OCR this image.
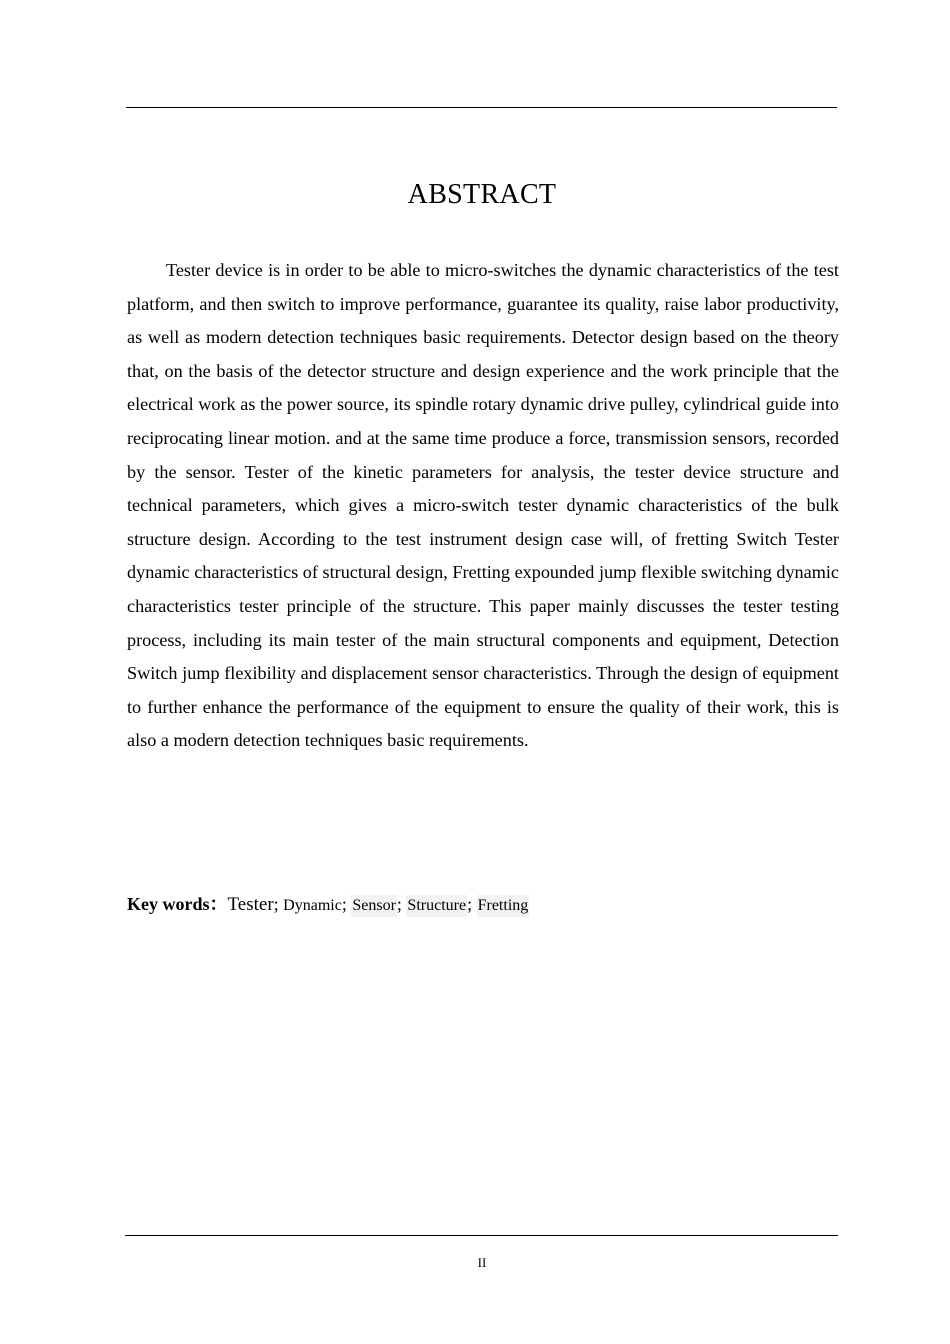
ABSTRACT

Tester device is in order to be able to micro-switches the dynamic characteristics of the test platform, and then switch to improve performance, guarantee its quality, raise labor productivity, as well as modern detection techniques basic requirements. Detector design based on the theory that, on the basis of the detector structure and design experience and the work principle that the electrical work as the power source, its spindle rotary dynamic drive pulley, cylindrical guide into reciprocating linear motion. and at the same time produce a force, transmission sensors, recorded by the sensor. Tester of the kinetic parameters for analysis, the tester device structure and technical parameters, which gives a micro-switch tester dynamic characteristics of the bulk structure design. According to the test instrument design case will, of fretting Switch Tester dynamic characteristics of structural design, Fretting expounded jump flexible switching dynamic characteristics tester principle of the structure. This paper mainly discusses the tester testing process, including its main tester of the main structural components and equipment, Detection Switch jump flexibility and displacement sensor characteristics. Through the design of equipment to further enhance the performance of the equipment to ensure the quality of their work, this is also a modern detection techniques basic requirements.

Key words：Tester; Dynamic; Sensor; Structure; Fretting
II
